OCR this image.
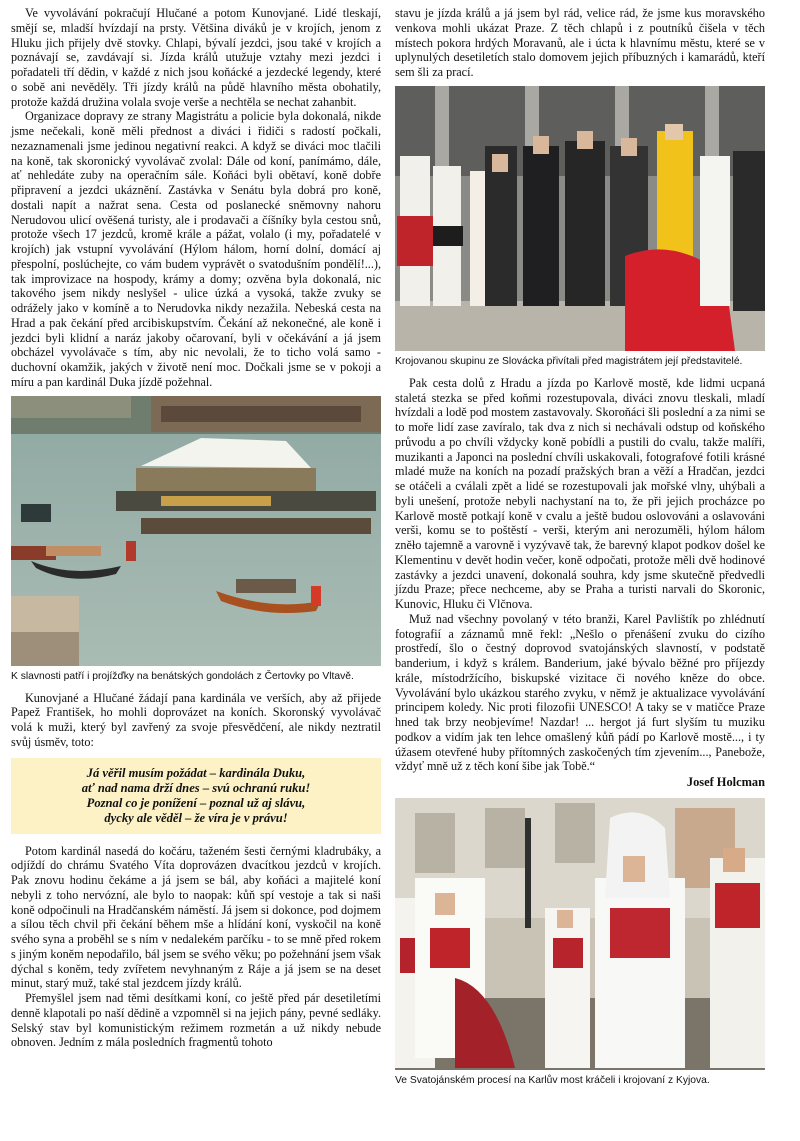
Ve vyvolávání pokračují Hlučané a potom Kunovjané. Lidé tleskají, smějí se, mladší hvízdají na prsty. Většina diváků je v krojích, jenom z Hluku jich přijely dvě stovky. Chlapi, bývalí jezdci, jsou také v krojích a poznávají se, zavdávají si. Jízda králů utužuje vztahy mezi jezdci i pořadateli tří dědin, v každé z nich jsou koňácké a jezdecké legendy, které o sobě ani nevěděly. Tři jízdy králů na půdě hlavního města obohatily, protože každá družina volala svoje verše a nechtěla se nechat zahanbit.

Organizace dopravy ze strany Magistrátu a policie byla dokonalá, nikde jsme nečekali, koně měli přednost a diváci i řidiči s radostí počkali, nezaznamenali jsme jedinou negativní reakci. A když se diváci moc tlačili na koně, tak skoronický vyvolávač zvolal: Dále od koní, panímámo, dále, ať nehledáte zuby na operačním sále. Koňáci byli obětaví, koně dobře připravení a jezdci ukáznění. Zastávka v Senátu byla dobrá pro koně, dostali napít a nažrat sena. Cesta od poslanecké sněmovny nahoru Nerudovou ulicí ověšená turisty, ale i prodavači a číšníky byla cestou snů, protože všech 17 jezdců, kromě krále a pážat, volalo (i my, pořadatelé v krojích) jak vstupní vyvolávání (Hýlom hálom, horní dolní, domácí aj přespolní, poslúchejte, co vám budem vyprávět o svatodušním pondělí!...), tak improvizace na hospody, krámy a domy; ozvěna byla dokonalá, nic takového jsem nikdy neslyšel - ulice úzká a vysoká, takže zvuky se odrážely jako v komíně a to Nerudovka nikdy nezažila. Nebeská cesta na Hrad a pak čekání před arcibiskupstvím. Čekání až nekonečné, ale koně i jezdci byli klidní a naráz jakoby očarovaní, byli v očekávání a já jsem obcházel vyvolávače s tím, aby nic nevolali, že to ticho volá samo - duchovní okamžik, jakých v životě není moc. Dočkali jsme se v pokoji a míru a pan kardinál Duka jízdě požehnal.

K slavnosti patří i projížďky na benátských gondolách z Čertovky po Vltavě.

Kunovjané a Hlučané žádají pana kardinála ve verších, aby až přijede Papež František, ho mohli doprovázet na koních. Skoronský vyvolávač volá k muži, který byl zavřený za svoje přesvědčení, ale nikdy neztratil svůj úsměv, toto:

Já věřil musím požádat – kardinála Duku,
ať nad nama drží dnes – svú ochranú ruku!
Poznal co je ponížení – poznal už aj slávu,
dycky ale věděl – že víra je v právu!

Potom kardinál nasedá do kočáru, taženém šesti černými kladrubáky, a odjíždí do chrámu Svatého Víta doprovázen dvacítkou jezdců v krojích. Pak znovu hodinu čekáme a já jsem se bál, aby koňáci a majitelé koní nebyli z toho nervózní, ale bylo to naopak: kůň spí vestoje a tak si naši koně odpočinuli na Hradčanském náměstí. Já jsem si dokonce, pod dojmem a sílou těch chvil při čekání během mše a hlídání koní, vyskočil na koně svého syna a proběhl se s ním v nedalekém parčíku - to se mně před rokem s jiným koněm nepodařilo, bál jsem se svého věku; po požehnání jsem však dýchal s koněm, tedy zvířetem nevyhnaným z Ráje a já jsem se na deset minut, starý muž, také stal jezdcem jízdy králů.

Přemyšlel jsem nad těmi desítkami koní, co ještě před pár desetiletími denně klapotali po naší dědině a vzpomněl si na jejich pány, pevné sedláky. Selský stav byl komunistickým režimem rozmetán a už nikdy nebude obnoven. Jedním z mála posledních fragmentů tohoto

stavu je jízda králů a já jsem byl rád, velice rád, že jsme kus moravského venkova mohli ukázat Praze. Z těch chlapů i z poutníků čišela v těch místech pokora hrdých Moravanů, ale i úcta k hlavnímu městu, které se v uplynulých desetiletích stalo domovem jejich příbuzných i kamarádů, kteří sem šli za prací.

Krojovanou skupinu ze Slovácka přivítali před magistrátem její představitelé.

Pak cesta dolů z Hradu a jízda po Karlově mostě, kde lidmi ucpaná staletá stezka se před koňmi rozestupovala, diváci znovu tleskali, mladí hvízdali a lodě pod mostem zastavovaly. Skoroňáci šli poslední a za nimi se to moře lidí zase zavíralo, tak dva z nich si nechávali odstup od koňského průvodu a po chvíli vždycky koně pobídli a pustili do cvalu, takže malíři, muzikanti a Japonci na poslední chvíli uskakovali, fotografové fotili krásné mladé muže na koních na pozadí pražských bran a věží a Hradčan, jezdci se otáčeli a cválali zpět a lidé se rozestupovali jak mořské vlny, uhýbali a byli unešení, protože nebyli nachystaní na to, že při jejich procházce po Karlově mostě potkají koně v cvalu a ještě budou oslovováni a oslavováni verši, komu se to poštěstí - verši, kterým ani nerozuměli, hýlom hálom zněło tajemně a varovně i vyzývavě tak, že barevný klapot podkov došel ke Klementinu v devět hodin večer, koně odpočati, protože měli dvě hodinové zastávky a jezdci unavení, dokonalá souhra, kdy jsme skutečně předvedli jízdu Praze; přece nechceme, aby se Praha a turisti narvali do Skoronic, Kunovic, Hluku či Vlčnova.

Muž nad všechny povolaný v této branži, Karel Pavlištík po zhlédnutí fotografií a záznamů mně řekl: „Nešlo o přenášení zvuku do cizího prostředí, šlo o čestný doprovod svatojánských slavností, v podstatě banderium, i když s králem. Banderium, jaké bývalo běžné pro příjezdy krále, místodržícího, biskupské vizitace či nového kněze do obce. Vyvolávání bylo ukázkou starého zvyku, v němž je aktualizace vyvolávání principem koledy. Nic proti filozofii UNESCO! A taky se v matičce Praze hned tak brzy neobjevíme! Nazdar! ... hergot já furt slyším tu muziku podkov a vidím jak ten lehce omašlený kůň pádí po Karlově mostě..., i ty úžasem otevřené huby přítomných zaskočených tím zjevením..., Panebože, vždyť mně už z těch koní šibe jak Tobě.“

Josef Holcman
Ve Svatojánském procesí na Karlův most kráčeli i krojovaní z Kyjova.
